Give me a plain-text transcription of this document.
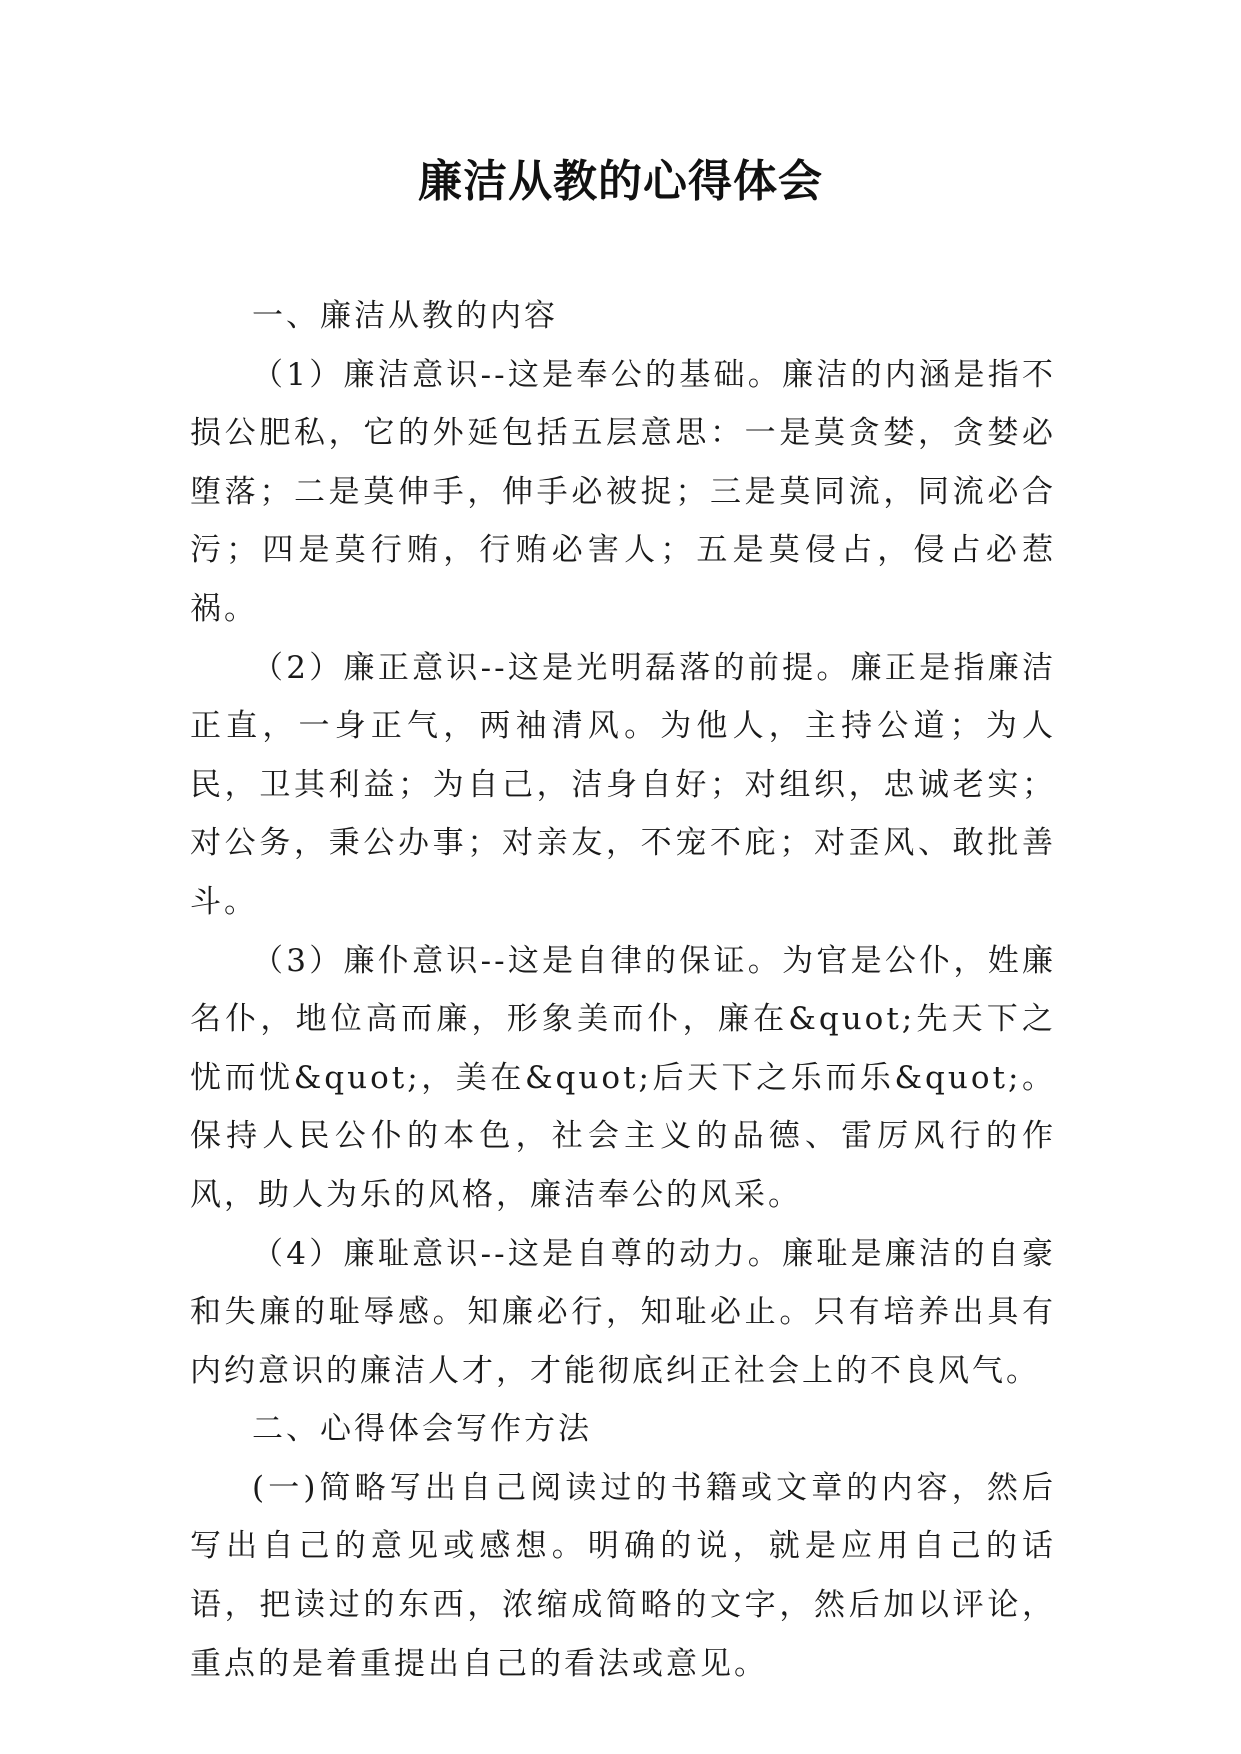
廉洁从教的心得体会

一、廉洁从教的内容

（1）廉洁意识--这是奉公的基础。廉洁的内涵是指不损公肥私，它的外延包括五层意思：一是莫贪婪，贪婪必堕落；二是莫伸手，伸手必被捉；三是莫同流，同流必合污；四是莫行贿，行贿必害人；五是莫侵占，侵占必惹祸。

（2）廉正意识--这是光明磊落的前提。廉正是指廉洁正直，一身正气，两袖清风。为他人，主持公道；为人民，卫其利益；为自己，洁身自好；对组织，忠诚老实；对公务，秉公办事；对亲友，不宠不庇；对歪风、敢批善斗。

（3）廉仆意识--这是自律的保证。为官是公仆，姓廉名仆，地位高而廉，形象美而仆，廉在&quot;先天下之忧而忧&quot;，美在&quot;后天下之乐而乐&quot;。保持人民公仆的本色，社会主义的品德、雷厉风行的作风，助人为乐的风格，廉洁奉公的风采。

（4）廉耻意识--这是自尊的动力。廉耻是廉洁的自豪和失廉的耻辱感。知廉必行，知耻必止。只有培养出具有内约意识的廉洁人才，才能彻底纠正社会上的不良风气。

二、心得体会写作方法

(一)简略写出自己阅读过的书籍或文章的内容，然后写出自己的意见或感想。明确的说，就是应用自己的话语，把读过的东西，浓缩成简略的文字，然后加以评论，重点的是着重提出自己的看法或意见。
